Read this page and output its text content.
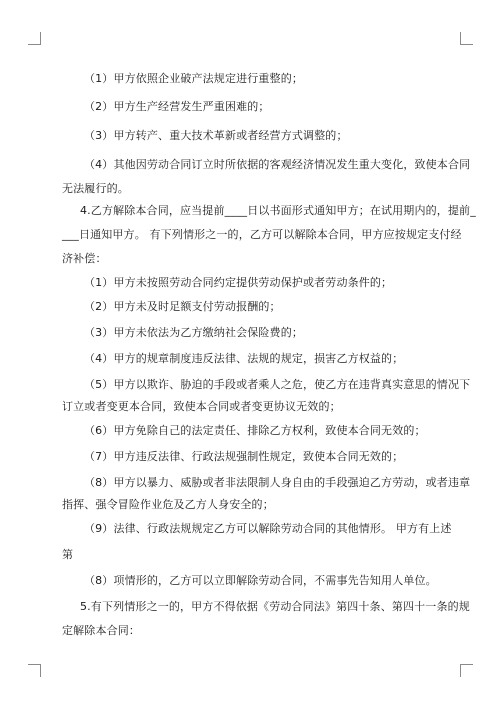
（1）甲方依照企业破产法规定进行重整的；
（2）甲方生产经营发生严重困难的；
（3）甲方转产、重大技术革新或者经营方式调整的；
（4）其他因劳动合同订立时所依据的客观经济情况发生重大变化，致使本合同
无法履行的。
4.乙方解除本合同，应当提前____日以书面形式通知甲方；在试用期内的，提前_
___日通知甲方。 有下列情形之一的，乙方可以解除本合同，甲方应按规定支付经
济补偿：
（1）甲方未按照劳动合同约定提供劳动保护或者劳动条件的；
（2）甲方未及时足额支付劳动报酬的；
（3）甲方未依法为乙方缴纳社会保险费的；
（4）甲方的规章制度违反法律、法规的规定，损害乙方权益的；
（5）甲方以欺诈、胁迫的手段或者乘人之危，使乙方在违背真实意思的情况下
订立或者变更本合同，致使本合同或者变更协议无效的；
（6）甲方免除自己的法定责任、排除乙方权利，致使本合同无效的；
（7）甲方违反法律、行政法规强制性规定，致使本合同无效的；
（8）甲方以暴力、威胁或者非法限制人身自由的手段强迫乙方劳动，或者违章
指挥、强令冒险作业危及乙方人身安全的；
（9）法律、行政法规规定乙方可以解除劳动合同的其他情形。 甲方有上述
第
（8）项情形的，乙方可以立即解除劳动合同，不需事先告知用人单位。
5.有下列情形之一的，甲方不得依据《劳动合同法》第四十条、第四十一条的规
定解除本合同：
